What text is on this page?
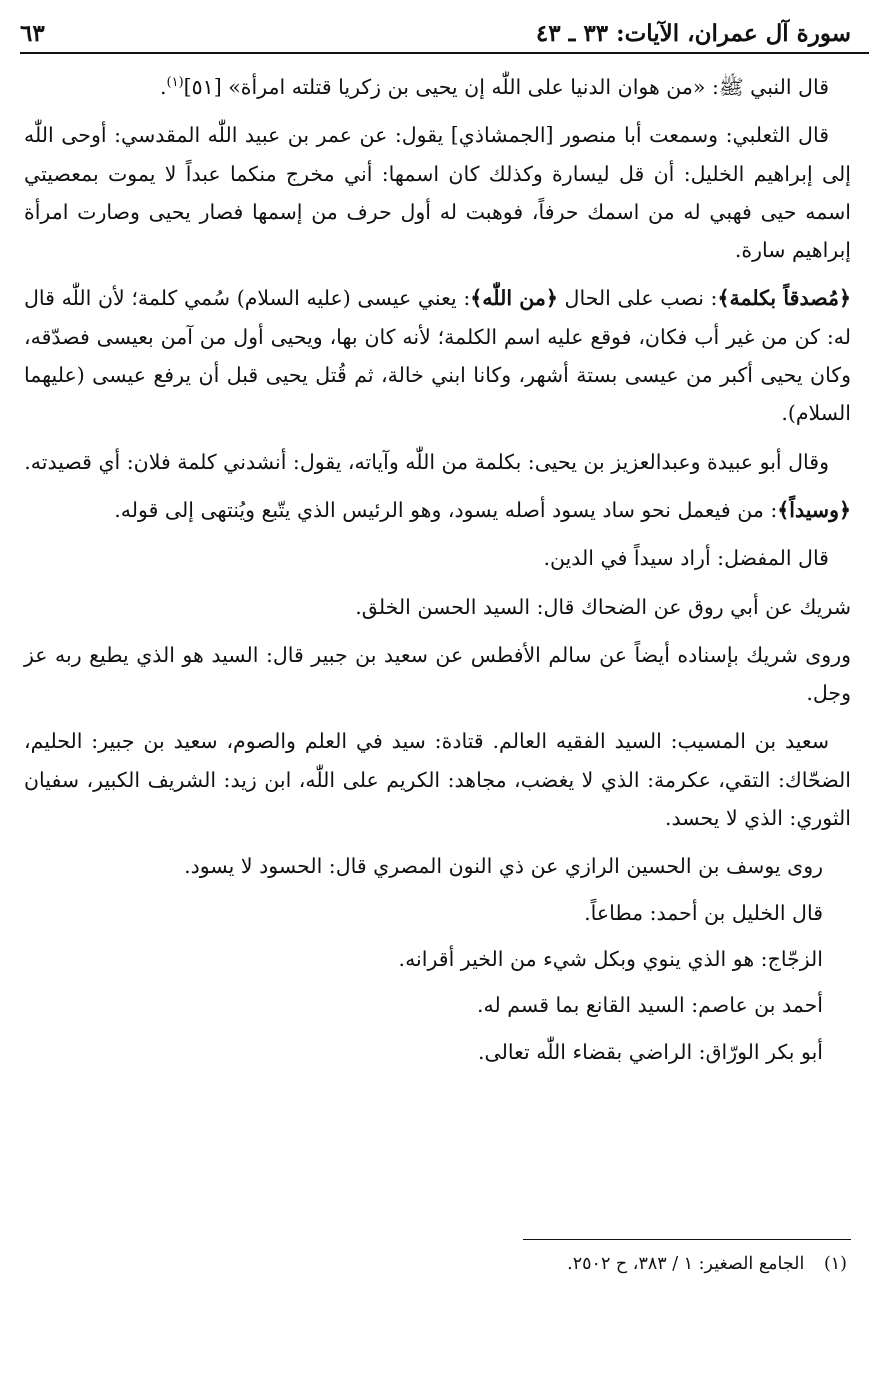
سورة آل عمران، الآيات: ٣٣ ـ ٤٣
٦٣

قال النبي ﷺ: «من هوان الدنيا على اللّٰه إن يحيى بن زكريا قتلته امرأة» [٥١]$^{(١)}$.

قال الثعلبي: وسمعت أبا منصور [الجمشاذي] يقول: عن عمر بن عبيد اللّٰه المقدسي: أوحى اللّٰه إلى إبراهيم الخليل: أن قل ليسارة وكذلك كان اسمها: أني مخرج منكما عبداً لا يموت بمعصيتي اسمه حيى فهبي له من اسمك حرفاً، فوهبت له أول حرف من إسمها فصار يحيى وصارت امرأة إبراهيم سارة.

﴿مُصدقاً بكلمة﴾: نصب على الحال ﴿من اللّٰه﴾: يعني عيسى (عليه السلام) سُمي كلمة؛ لأن اللّٰه قال له: كن من غير أب فكان، فوقع عليه اسم الكلمة؛ لأنه كان بها، ويحيى أول من آمن بعيسى فصدّقه، وكان يحيى أكبر من عيسى بستة أشهر، وكانا ابني خالة، ثم قُتل يحيى قبل أن يرفع عيسى (عليهما السلام).

وقال أبو عبيدة وعبدالعزيز بن يحيى: بكلمة من اللّٰه وآياته، يقول: أنشدني كلمة فلان: أي قصيدته.

﴿وسيداً﴾: من فيعمل نحو ساد يسود أصله يسود، وهو الرئيس الذي يتّبع ويُنتهى إلى قوله.

قال المفضل: أراد سيداً في الدين.

شريك عن أبي روق عن الضحاك قال: السيد الحسن الخلق.

وروى شريك بإسناده أيضاً عن سالم الأفطس عن سعيد بن جبير قال: السيد هو الذي يطيع ربه عز وجل.

سعيد بن المسيب: السيد الفقيه العالم. قتادة: سيد في العلم والصوم، سعيد بن جبير: الحليم، الضحّاك: التقي، عكرمة: الذي لا يغضب، مجاهد: الكريم على اللّٰه، ابن زيد: الشريف الكبير، سفيان الثوري: الذي لا يحسد.

روى يوسف بن الحسين الرازي عن ذي النون المصري قال: الحسود لا يسود.

قال الخليل بن أحمد: مطاعاً.

الزجّاج: هو الذي ينوي وبكل شيء من الخير أقرانه.

أحمد بن عاصم: السيد القانع بما قسم له.

أبو بكر الورّاق: الراضي بقضاء اللّٰه تعالى.

(١) الجامع الصغير: ١ / ٣٨٣، ح ٢٥٠٢.
